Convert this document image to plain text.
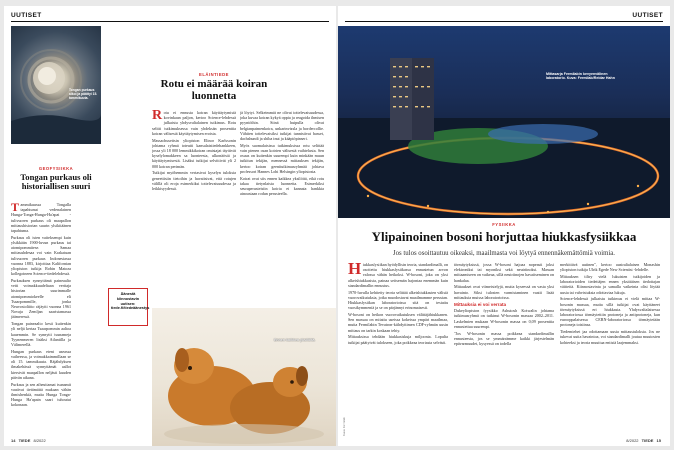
UUTISET
Tongan purkaus alkoi ja päättyi 15. tammikuuta.
GEOFYSIIKKA
Tongan purkaus oli historiallisen suuri

Tammikuussa Tongalla tapahtunut vedenalainen Hunga-Tonga-Hunga-Ha'apai -tulivuoren purkaus oli maapallon mittaushistorian suurin ylsikitäänen tapahtuma.

Purkaus oli isten vaiteksempi kuin ylsikkään 1900-luvun purkaus tai atomipommitese. Samaa mittasuhdesaa voi vain Krakatuan tulivuoren purkaus Indonesiassa vuonna 1883, kirjoittaa Kalifornian yliopiston tutkija Robin Matoza kollegoineen Science-tiedelehdessä.

Purkauksen synnyttämä paineaalto vetti voimakkuudeltaan verttaja historian suurimmalle atomipommiokeelle eli Tsaarpommille, jonka Neuvostoliitto räjäytti vuonna 1961 Novaja Zemljan saaristamassa jäämeressä.

Tongan paineaalto kesti kuitenkin yli neljä kertaa Tsaarpommin aaltoa kauemmin. Se synnytti tsunameja Tyynenmeren lisäksi Atlantilla ja Välimerellä.

Hungan purkaus eteni useassa vaiheessa, ja voimakkaimmillaan se oli 15. tammikuuta. Räjähdyksen ilmakehässä synnyttämät aallot kiersivät maapallon neljästi kuuden päivän aikana.

Purkaus ja sen aiheuttamat tsunamit vaativat tietämättä mukaan vähän ihmishenkiä, mutta Hunga Tonga-Hunga Ha'apain saari tuhoutui kokonaan.

ELÄINTIEDE
Rotu ei määrää koiran luonnetta

Rotu ei ennusta koiran käyttäytymistä kovinkaan paljon, kertoo Science-lehdessä julkaistu yhdysvaltalainen tutkimus. Rotu selitti tutkimuksessa vain yhdeksän prosenttia koiran välisestä käyttäytymisen eroista.

Massachusettsin yliopiston Elinor Karlssonin johtama ryhmä toteutti kansalaistiedehankkeen, jossa yli 18 000 lemmikkikoiran omistajat täyttivät kyselylomakkeen sa luonteesta, ulkonäöstä ja käyttäytymisestä. Lisäksi tutkijat selvittivät yli 2 000 koiran perimän.

Tutkijat myöhemmin vertasivat kyselyn tuloksia geneettisiin tietoihin ja havaitsivat, että rotujen välillä oli eroja esimerkiksi tottelevaisuudessa ja leikkisyydessä.

jä löytyi. Selkeimmät ne olivat tottelevaisuudessa, joka kuvaa koiran kykyä oppia ja reagoida ihmisen pyyntöihin. Siinä huipulla olivat belgianpaimenkoira, unkarinvizsla ja bordercollie. Vähiten tottelevaisiksi tutkijat tunnistivat basset, dachshundi ja shiba inut ja kääpiöpinseri.

Myös suomalaisissa tutkimuksissa rotu selittää vain pienen osan koirien välisestä vaihtelusta. Sen osuus on kuitenkin suurempi kuin minkään muun tutkitun tekijän, mennessä mittauksen tekijän, kertoo koiran geenitutkimusryhmää johtava professori Hannes Lohi Helsingin yliopistosta.

Koirat ovat siis ennen kaikkea yksilöitä, eikä rotu takaa tietynlaista luonnetta. Esimerkiksi seuraperusteisiin koiria ei kannata hankkia ainoastaan rodun perusteella.

Äänestä kiinnostavin uutisen: tiede.fi/tiedeäänestys
Ennen kaikkea yksilöitä.
14 TIEDE 8/2022
UUTISET
Mittasarja Fermilabin kevyenvälinen laboratorio. Kuva: Fermilab/Reidar Hahn
FYSIIKKA
Ylipainoinen bosoni horjuttaa hiukkasfysiikkaa
Jos tulos osoittautuu oikeaksi, maailmasta voi löytyä ennennäkemättömiä voimia.
Kuva: Fermilab

Hiukkasfysiikan hyödyllisin teoria, standardimalli, on osoitettu hiukkasfysiikassa ennustetun arvon valossa vähän heikoksi. W-bosoni, joka on yksi alkeishiukkasista, painaa seitsemän hajontaa enemmän kuin standardimallin ennustus.

1970-luvulla kehitetty teoria selittää alkeishiukkasten välisiä vuorovaikutuksia, jotka muodostavat maailmamme perustan. Hiukkasfysiikan laboratorioissa sitä on testattu vuosikymmeniä ja se on pärjännyt erinomaisesti.

W-bosoni on heikon vuorovaikutuksen välittäjähiukkanen. Sen massaa on mitattu useissa kokeissa ympäri maailmaa, mutta Fermilabin Tevatron-kiihdyttimen CDF-ryhmän uusin mittaus on tarkin koskaan tehty.

Mittauksissa tehdään hiukkasiskuja miljoonia. Lopulta tutkijat päätyivät tulokseen, joka poikkeaa teoriasta selvästi.

törmäytyksissä, jossa W-bosoni hajoaa nopeasti joksi elektroniksi tai myoniksi sekä neutriinoksi. Massan mittaamiseen on vaikeaa, sillä neutriinojen havaitseminen on hankalaa.

Mittaukset ovat viimeistelyjä, mutta kyseessä on vasta yksi havainto. Siksi tulosten varmistaminen vaatii lisää mittauksia muissa laboratorioissa.

Mittauksia ei voi verrata

Dukeyliopiston fyysikko Ashutosh Kotwalin johtama tutkimusryhmä on tutkinut W-bosonin massaa 2002–2011. Laskelmien mukaan W-bosonin massa on 0,09 prosenttia ennustettua suurempi.

"Jos W-bosonin massa poikkeaa standardimallin ennusteesta, jos se ymmärrämme kaikki järjestelmän epävarmuudet, kysyessä on todella

merkittävä uutinen", kertoo australialaisen Monashin yliopiston tutkija Ulrik Egede New Scientist -lehdelle.

Mittauksen tiltry vielä lukuisten tutkijoiden ja laboratorioiden tiedettäjen ennen yksittäisen tiedottajan väitteitä. Kiinnostavinta ja samalla vaikeinta olisi löytää uusia tai vahvistuksia odottaviaa lukuja.

Science-lehdessä julkaistu tutkimus ei vielä mittaa W-bosonin massaa, mutta sillä tutkijat ovat käyttäneet törmäytyksissä eri hiukkasia. Yhdysvaltalaisessa laboratoriossa törmäytettiin protoneja ja antiprotoneja, kun eurooppalaisessa CERN-laboratoriossa törmäytetään protoneja toisiinsa.

Tiedemiehet jaa odottamaan uusia mittaustuloksia. Jos ne tukevat uutta havaintoa, voi standardimalli joutua muutosten kohteeksi ja teoria muuttua entistä laajemmaksi.

8/2022 TIEDE 15
